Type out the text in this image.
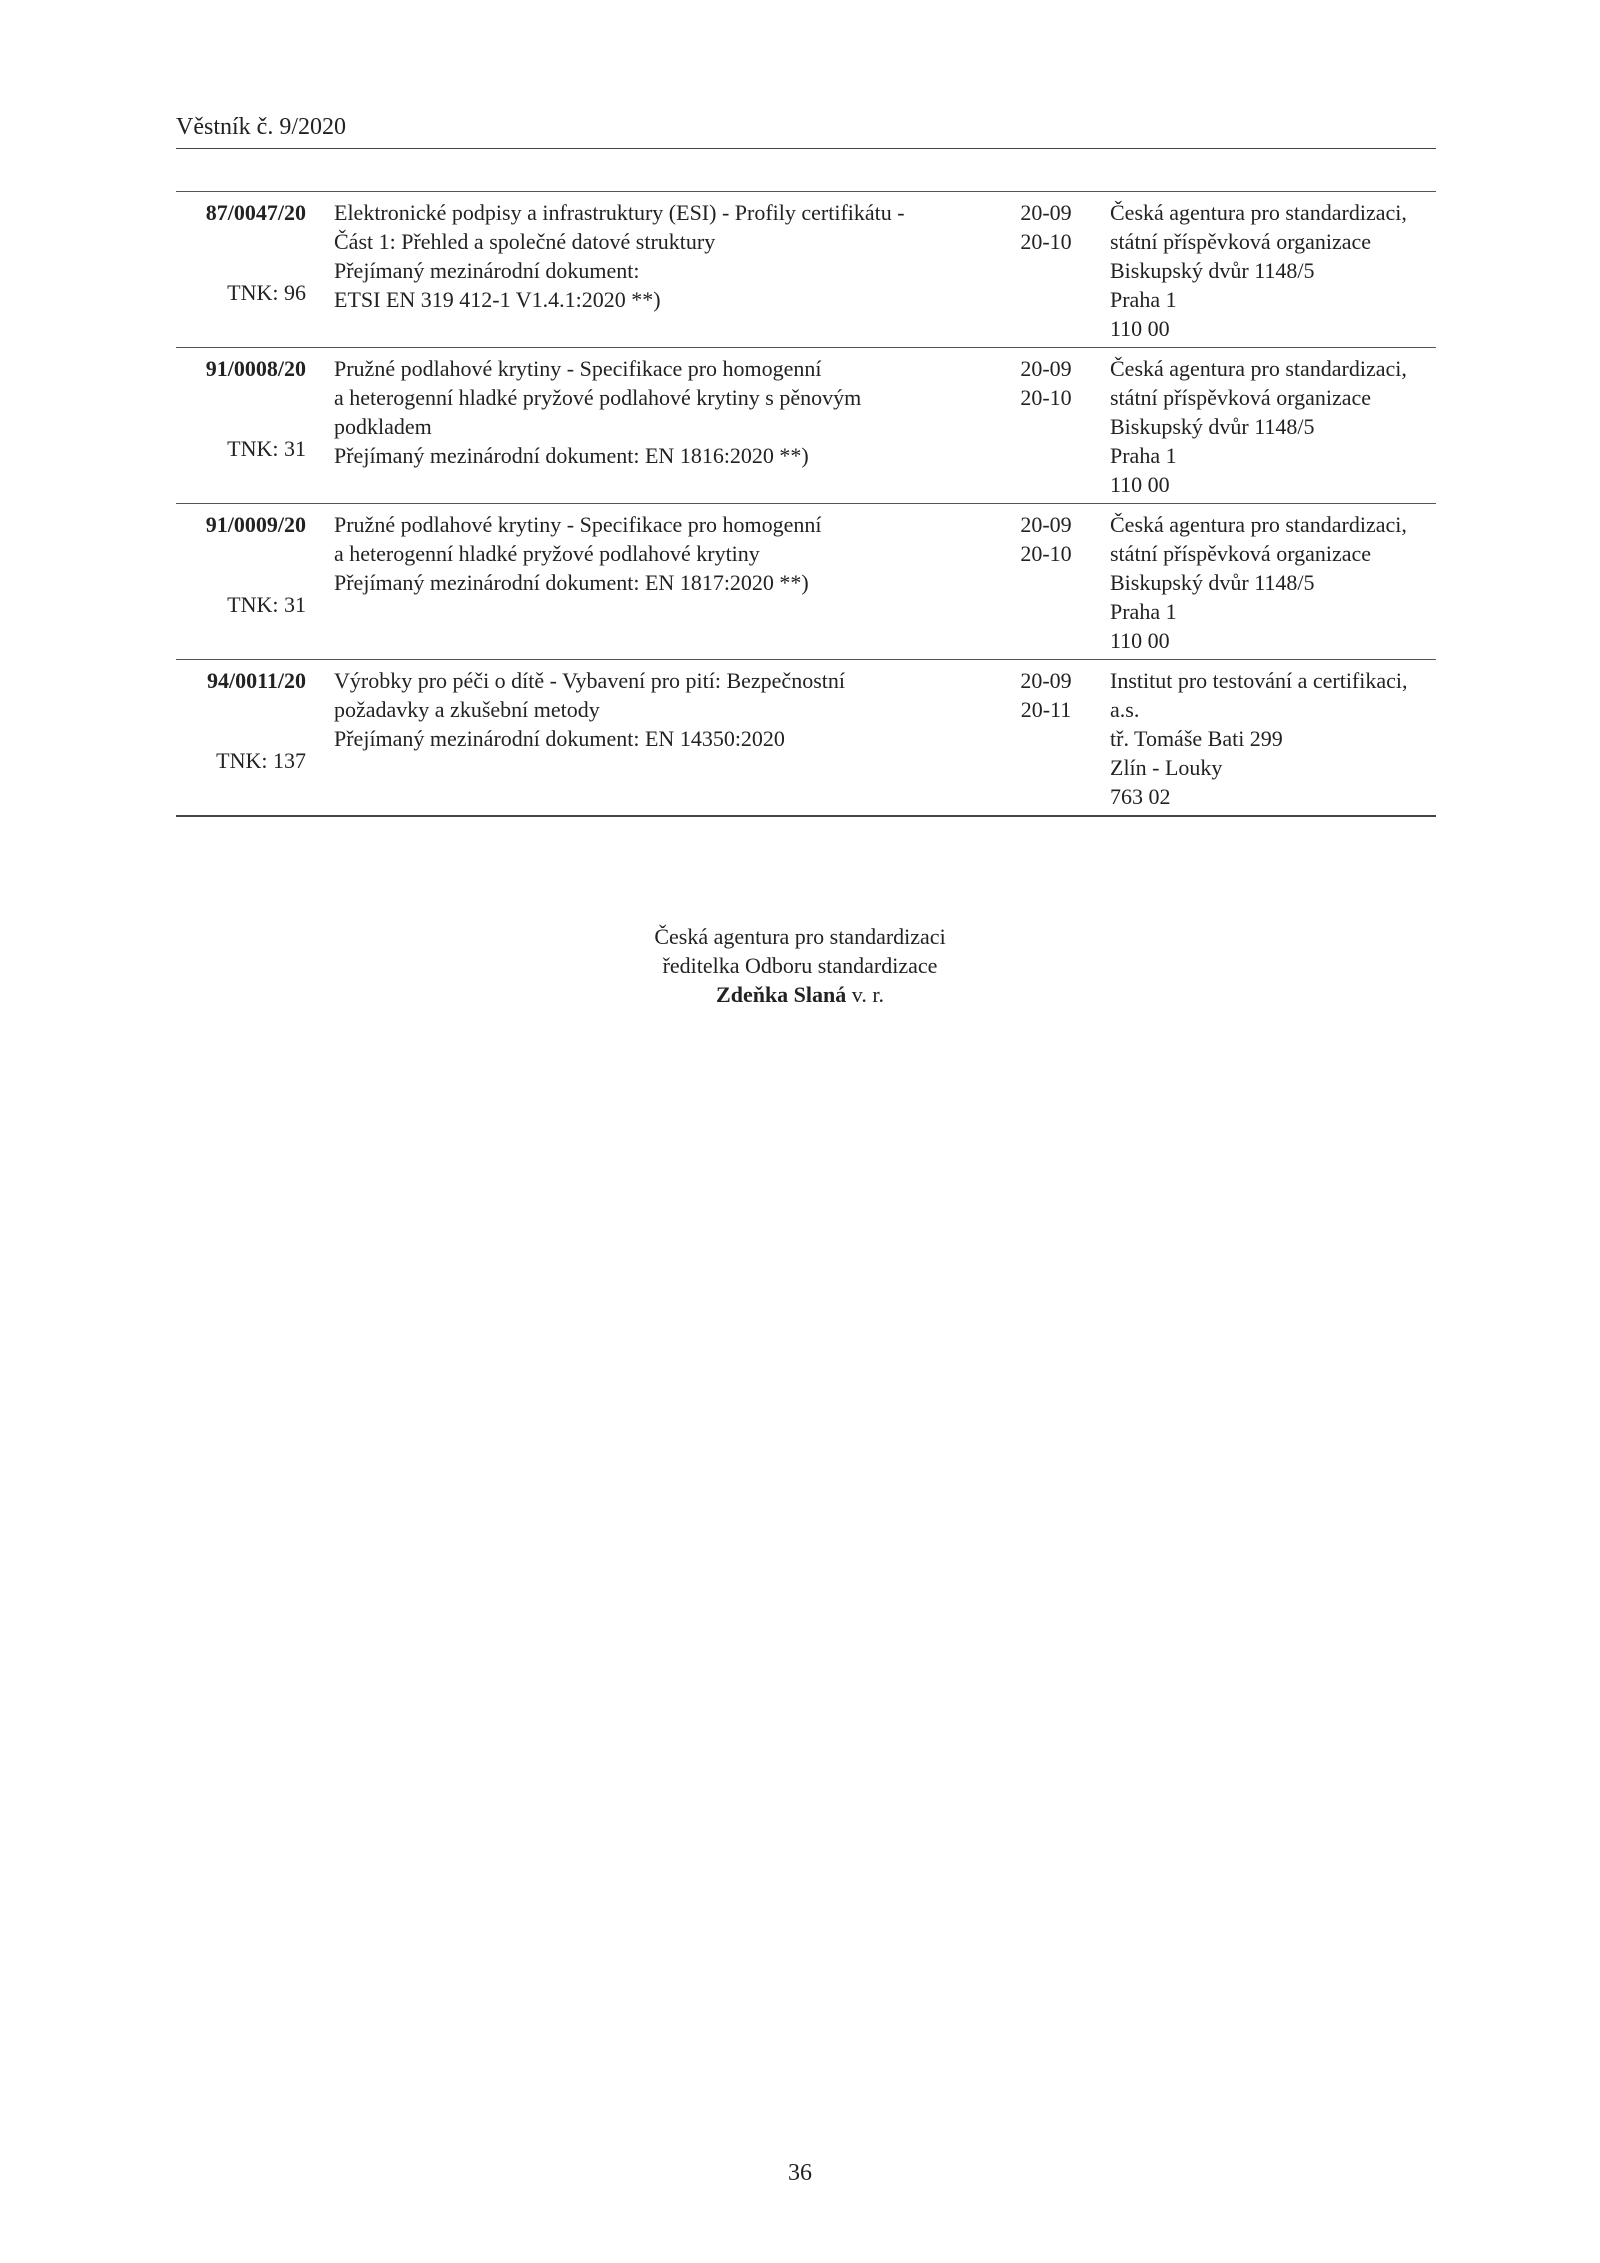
Věstník č. 9/2020
87/0047/20
TNK: 96
Elektronické podpisy a infrastruktury (ESI) - Profily certifikátu -
Část 1: Přehled a společné datové struktury
Přejímaný mezinárodní dokument:
ETSI EN 319 412-1 V1.4.1:2020 **)
20-09
20-10
Česká agentura pro standardizaci,
státní příspěvková organizace
Biskupský dvůr 1148/5
Praha 1
110 00
91/0008/20
TNK: 31
Pružné podlahové krytiny - Specifikace pro homogenní
a heterogenní hladké pryžové podlahové krytiny s pěnovým
podkladem
Přejímaný mezinárodní dokument: EN 1816:2020 **)
20-09
20-10
Česká agentura pro standardizaci,
státní příspěvková organizace
Biskupský dvůr 1148/5
Praha 1
110 00
91/0009/20
TNK: 31
Pružné podlahové krytiny - Specifikace pro homogenní
a heterogenní hladké pryžové podlahové krytiny
Přejímaný mezinárodní dokument: EN 1817:2020 **)
20-09
20-10
Česká agentura pro standardizaci,
státní příspěvková organizace
Biskupský dvůr 1148/5
Praha 1
110 00
94/0011/20
TNK: 137
Výrobky pro péči o dítě - Vybavení pro pití: Bezpečnostní
požadavky a zkušební metody
Přejímaný mezinárodní dokument: EN 14350:2020
20-09
20-11
Institut pro testování a certifikaci,
a.s.
tř. Tomáše Bati 299
Zlín - Louky
763 02
Česká agentura pro standardizaci
ředitelka Odboru standardizace
Zdeňka Slaná v. r.
36
